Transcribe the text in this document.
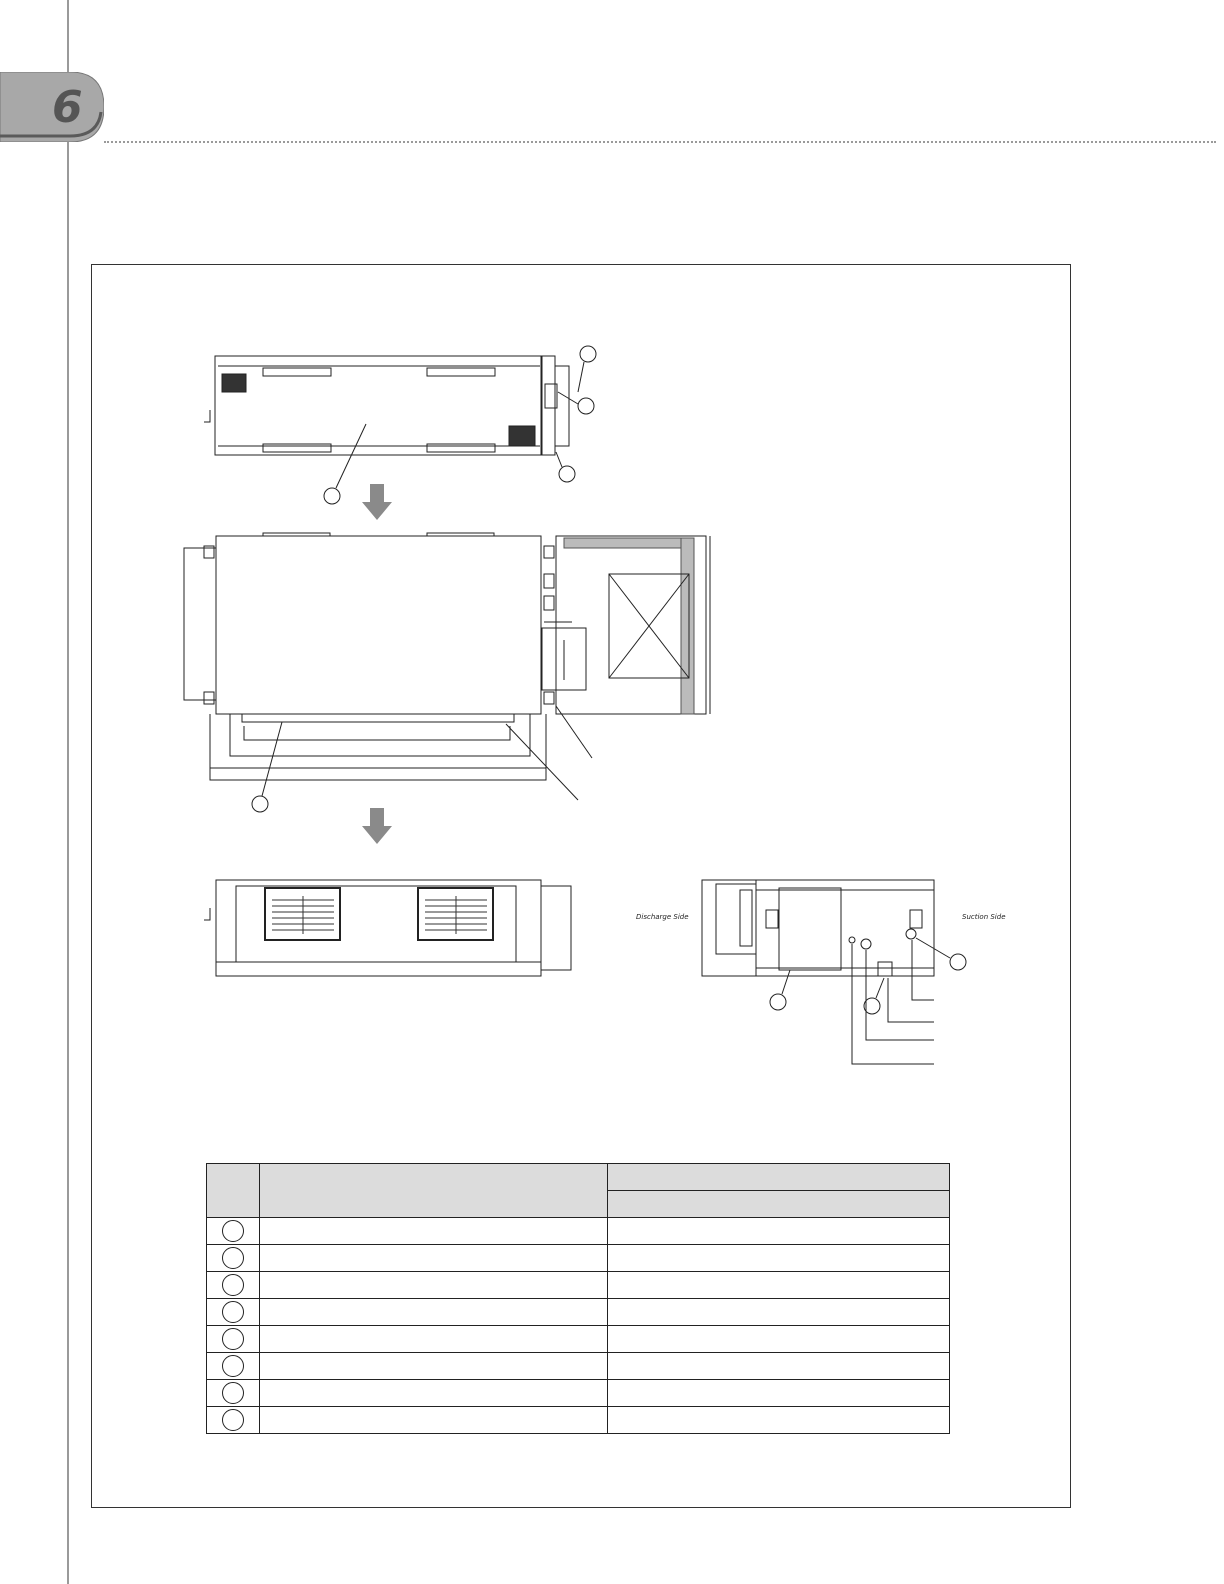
6
Discharge Side	Suction Side
